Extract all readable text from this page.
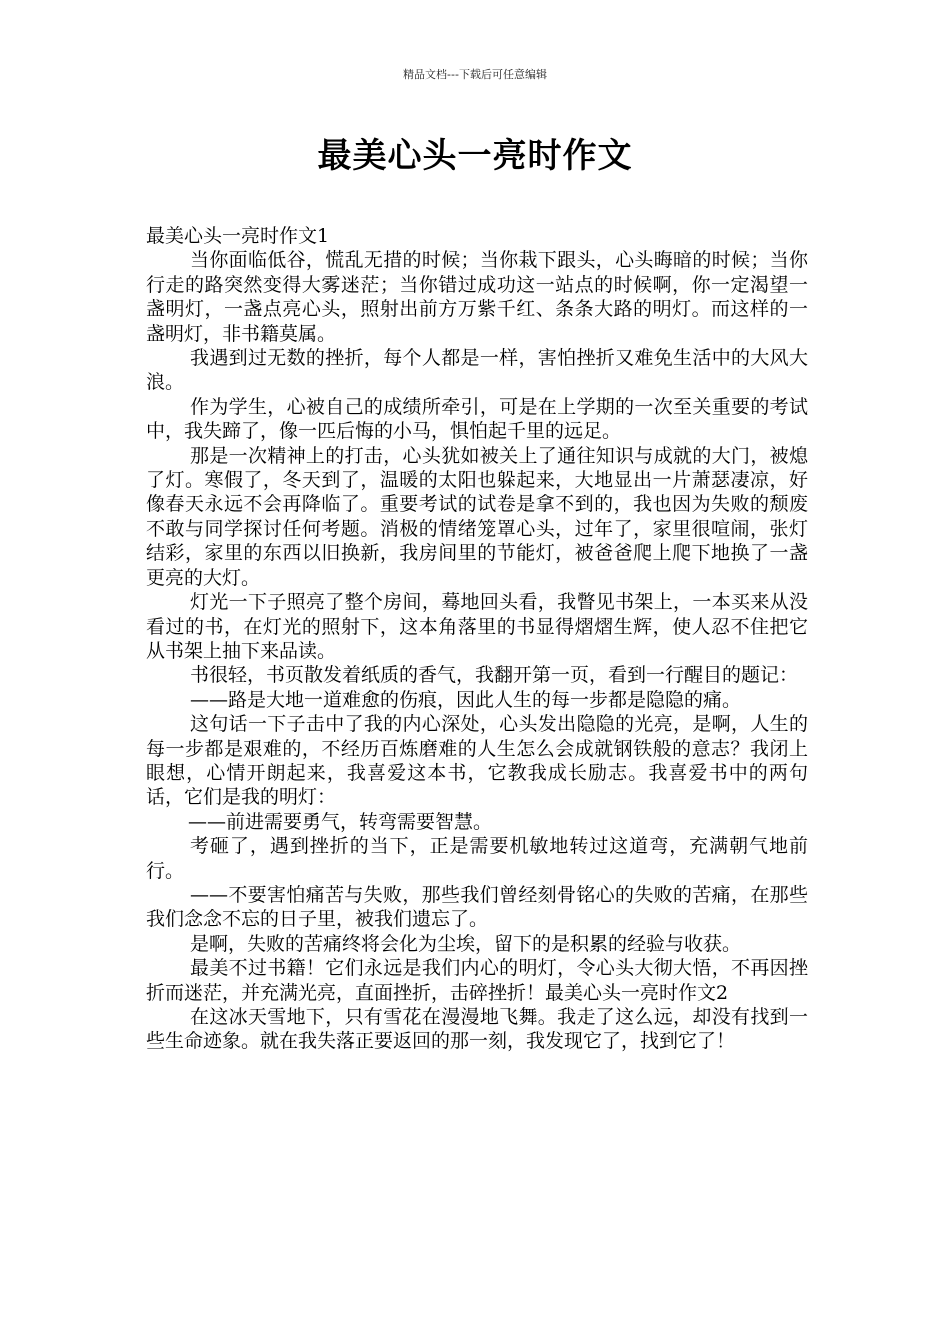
精品文档---下载后可任意编辑
最美心头一亮时作文

最美心头一亮时作文1

当你面临低谷，慌乱无措的时候；当你栽下跟头，心头晦暗的时候；当你行走的路突然变得大雾迷茫；当你错过成功这一站点的时候啊，你一定渴望一盏明灯，一盏点亮心头，照射出前方万紫千红、条条大路的明灯。而这样的一盏明灯，非书籍莫属。

我遇到过无数的挫折，每个人都是一样，害怕挫折又难免生活中的大风大浪。

作为学生，心被自己的成绩所牵引，可是在上学期的一次至关重要的考试中，我失蹄了，像一匹后悔的小马，惧怕起千里的远足。

那是一次精神上的打击，心头犹如被关上了通往知识与成就的大门，被熄了灯。寒假了，冬天到了，温暖的太阳也躲起来，大地显出一片萧瑟凄凉，好像春天永远不会再降临了。重要考试的试卷是拿不到的，我也因为失败的颓废不敢与同学探讨任何考题。消极的情绪笼罩心头，过年了，家里很喧闹，张灯结彩，家里的东西以旧换新，我房间里的节能灯，被爸爸爬上爬下地换了一盏更亮的大灯。

灯光一下子照亮了整个房间，蓦地回头看，我瞥见书架上，一本买来从没看过的书，在灯光的照射下，这本角落里的书显得熠熠生辉，使人忍不住把它从书架上抽下来品读。

书很轻，书页散发着纸质的香气，我翻开第一页，看到一行醒目的题记：

——路是大地一道难愈的伤痕，因此人生的每一步都是隐隐的痛。

这句话一下子击中了我的内心深处，心头发出隐隐的光亮，是啊，人生的每一步都是艰难的，不经历百炼磨难的人生怎么会成就钢铁般的意志？我闭上眼想，心情开朗起来，我喜爱这本书，它教我成长励志。我喜爱书中的两句话，它们是我的明灯：

——前进需要勇气，转弯需要智慧。

考砸了，遇到挫折的当下，正是需要机敏地转过这道弯，充满朝气地前行。

——不要害怕痛苦与失败，那些我们曾经刻骨铭心的失败的苦痛，在那些我们念念不忘的日子里，被我们遗忘了。

是啊，失败的苦痛终将会化为尘埃，留下的是积累的经验与收获。

最美不过书籍！它们永远是我们内心的明灯，令心头大彻大悟，不再因挫折而迷茫，并充满光亮，直面挫折，击碎挫折！最美心头一亮时作文2

在这冰天雪地下，只有雪花在漫漫地飞舞。我走了这么远，却没有找到一些生命迹象。就在我失落正要返回的那一刻，我发现它了，找到它了！
